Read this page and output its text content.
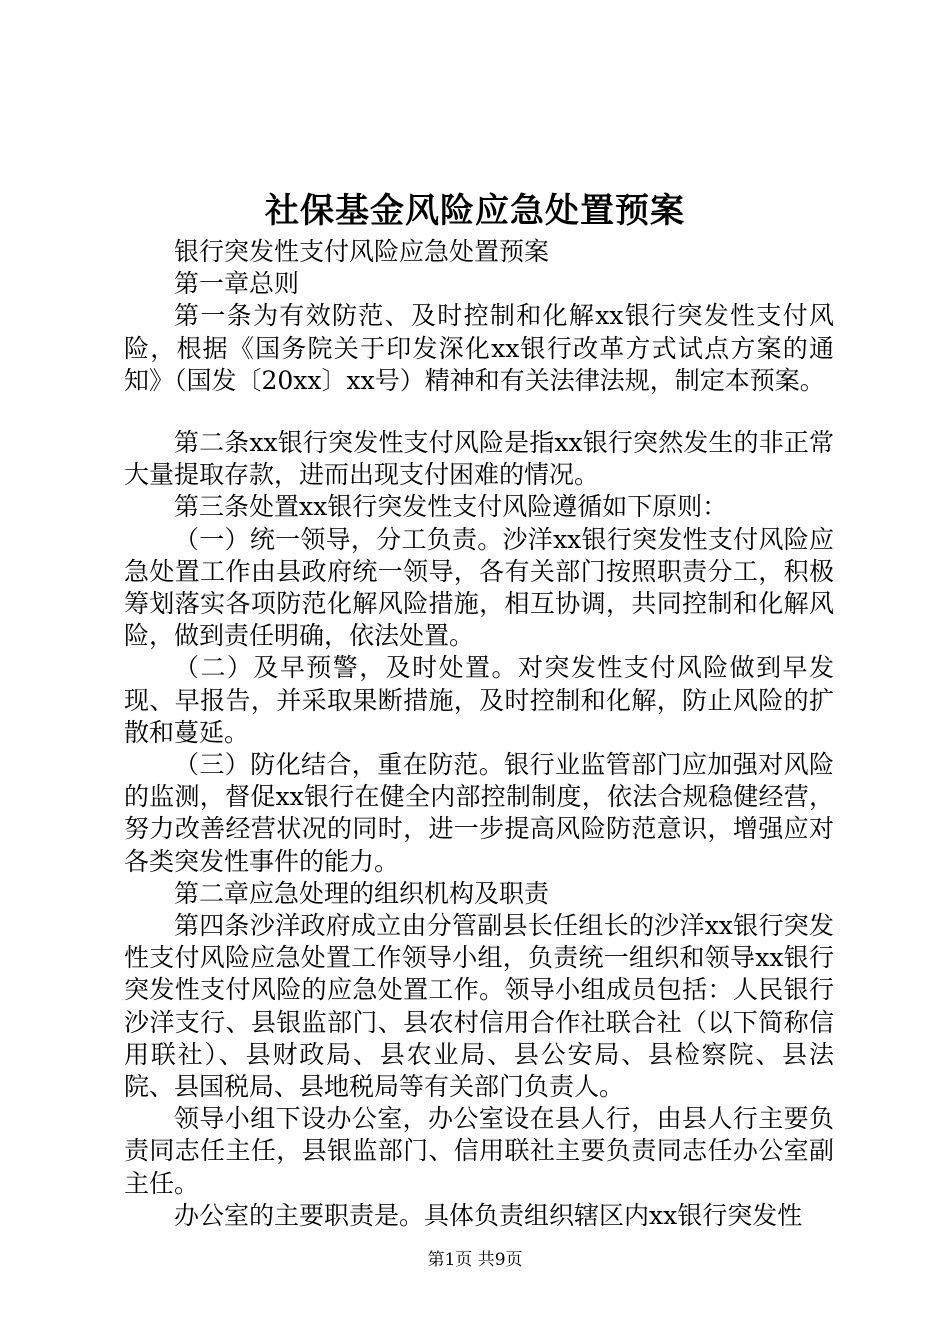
社保基金风险应急处置预案

银行突发性支付风险应急处置预案

第一章总则

第一条为有效防范、及时控制和化解xx银行突发性支付风险，根据《国务院关于印发深化xx银行改革方式试点方案的通知》（国发〔20xx〕xx号）精神和有关法律法规，制定本预案。

第二条xx银行突发性支付风险是指xx银行突然发生的非正常大量提取存款，进而出现支付困难的情况。

第三条处置xx银行突发性支付风险遵循如下原则：

（一）统一领导，分工负责。沙洋xx银行突发性支付风险应急处置工作由县政府统一领导，各有关部门按照职责分工，积极筹划落实各项防范化解风险措施，相互协调，共同控制和化解风险，做到责任明确，依法处置。

（二）及早预警，及时处置。对突发性支付风险做到早发现、早报告，并采取果断措施，及时控制和化解，防止风险的扩散和蔓延。

（三）防化结合，重在防范。银行业监管部门应加强对风险的监测，督促xx银行在健全内部控制制度，依法合规稳健经营，努力改善经营状况的同时，进一步提高风险防范意识，增强应对各类突发性事件的能力。

第二章应急处理的组织机构及职责

第四条沙洋政府成立由分管副县长任组长的沙洋xx银行突发性支付风险应急处置工作领导小组，负责统一组织和领导xx银行突发性支付风险的应急处置工作。领导小组成员包括：人民银行沙洋支行、县银监部门、县农村信用合作社联合社（以下简称信用联社）、县财政局、县农业局、县公安局、县检察院、县法院、县国税局、县地税局等有关部门负责人。

领导小组下设办公室，办公室设在县人行，由县人行主要负责同志任主任，县银监部门、信用联社主要负责同志任办公室副主任。

办公室的主要职责是。具体负责组织辖区内xx银行突发性

第1页 共9页
